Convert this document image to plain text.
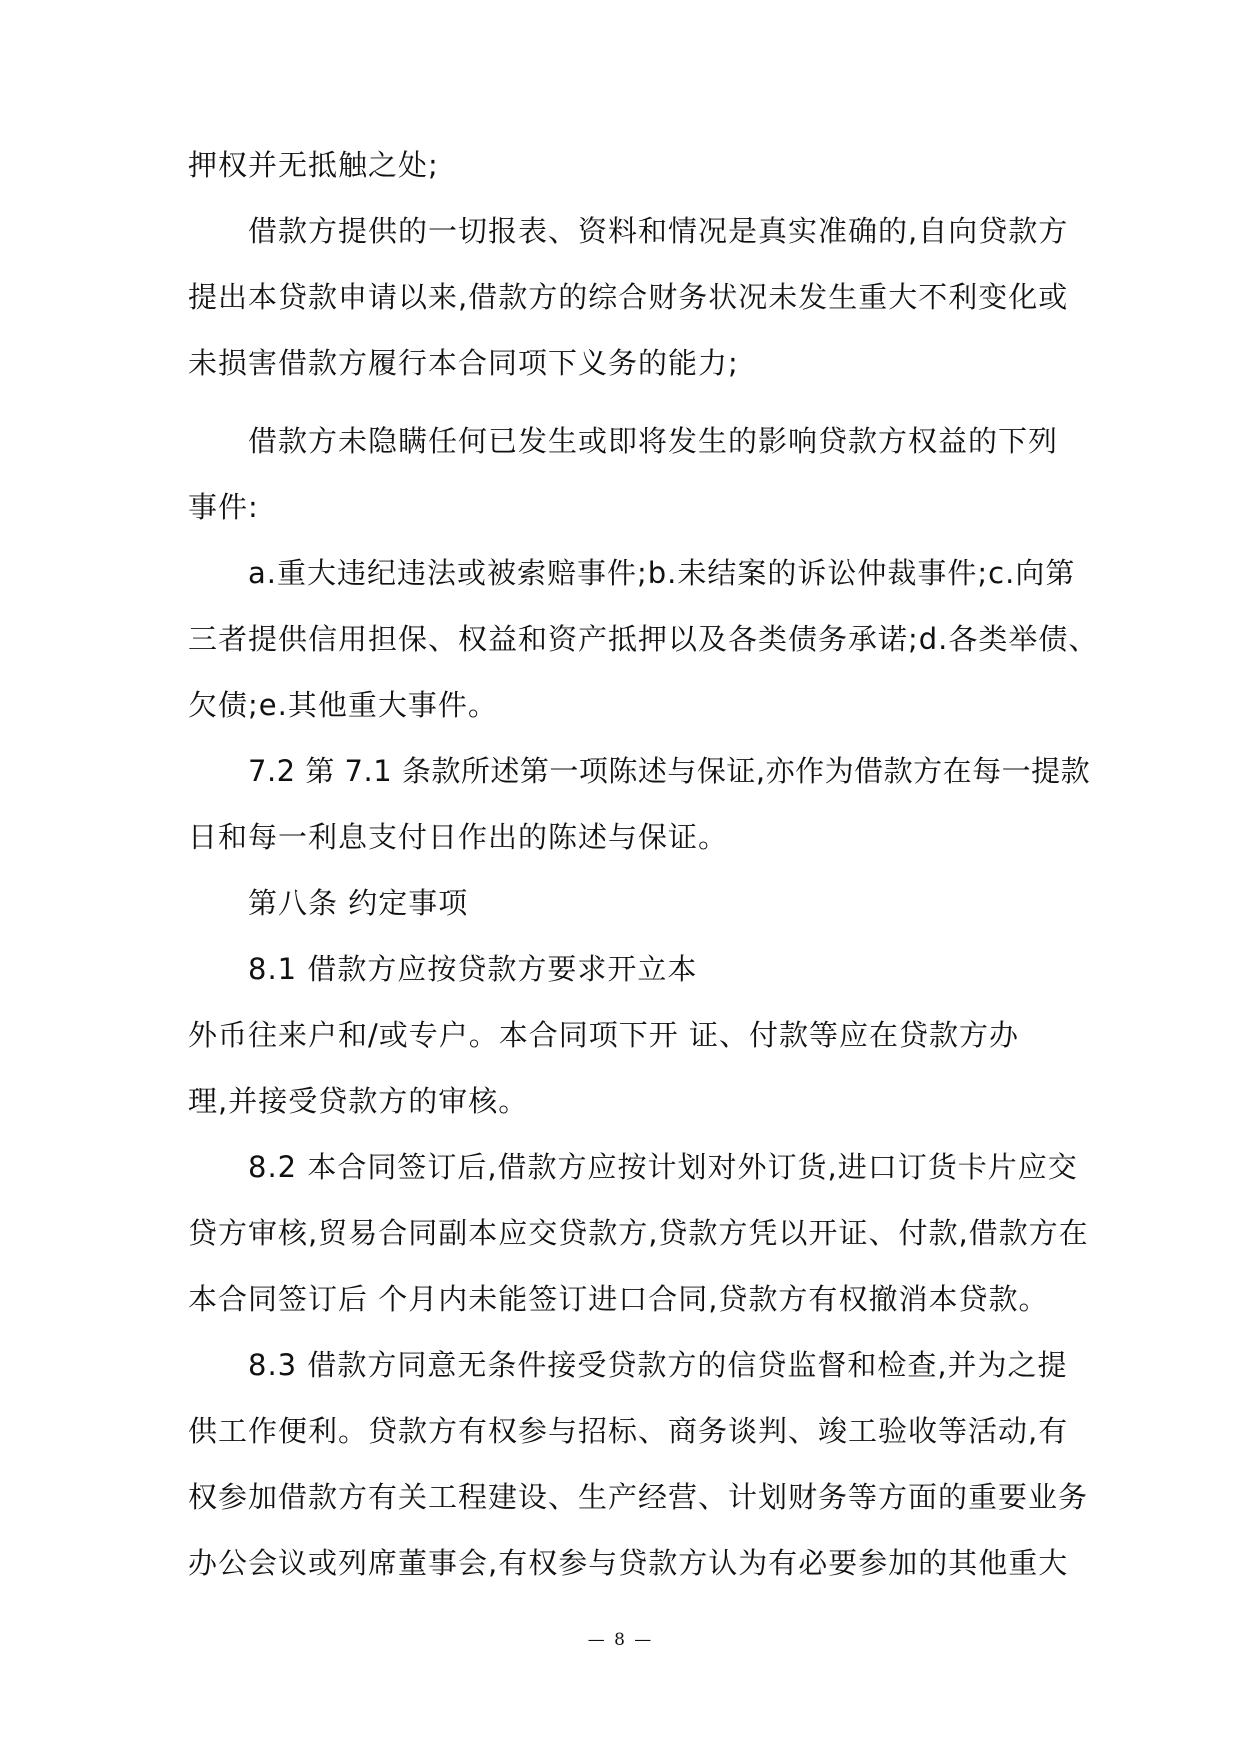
押权并无抵触之处;
借款方提供的一切报表、资料和情况是真实准确的,自向贷款方
提出本贷款申请以来,借款方的综合财务状况未发生重大不利变化或
未损害借款方履行本合同项下义务的能力;
借款方未隐瞒任何已发生或即将发生的影响贷款方权益的下列
事件:
a.重大违纪违法或被索赔事件;b.未结案的诉讼仲裁事件;c.向第
三者提供信用担保、权益和资产抵押以及各类债务承诺;d.各类举债、
欠债;e.其他重大事件。
7.2 第 7.1 条款所述第一项陈述与保证,亦作为借款方在每一提款
日和每一利息支付日作出的陈述与保证。
第八条 约定事项
8.1 借款方应按贷款方要求开立本
外币往来户和/或专户。本合同项下开 证、付款等应在贷款方办
理,并接受贷款方的审核。
8.2 本合同签订后,借款方应按计划对外订货,进口订货卡片应交
贷方审核,贸易合同副本应交贷款方,贷款方凭以开证、付款,借款方在
本合同签订后 个月内未能签订进口合同,贷款方有权撤消本贷款。
8.3 借款方同意无条件接受贷款方的信贷监督和检查,并为之提
供工作便利。贷款方有权参与招标、商务谈判、竣工验收等活动,有
权参加借款方有关工程建设、生产经营、计划财务等方面的重要业务
办公会议或列席董事会,有权参与贷款方认为有必要参加的其他重大
— 8 —
